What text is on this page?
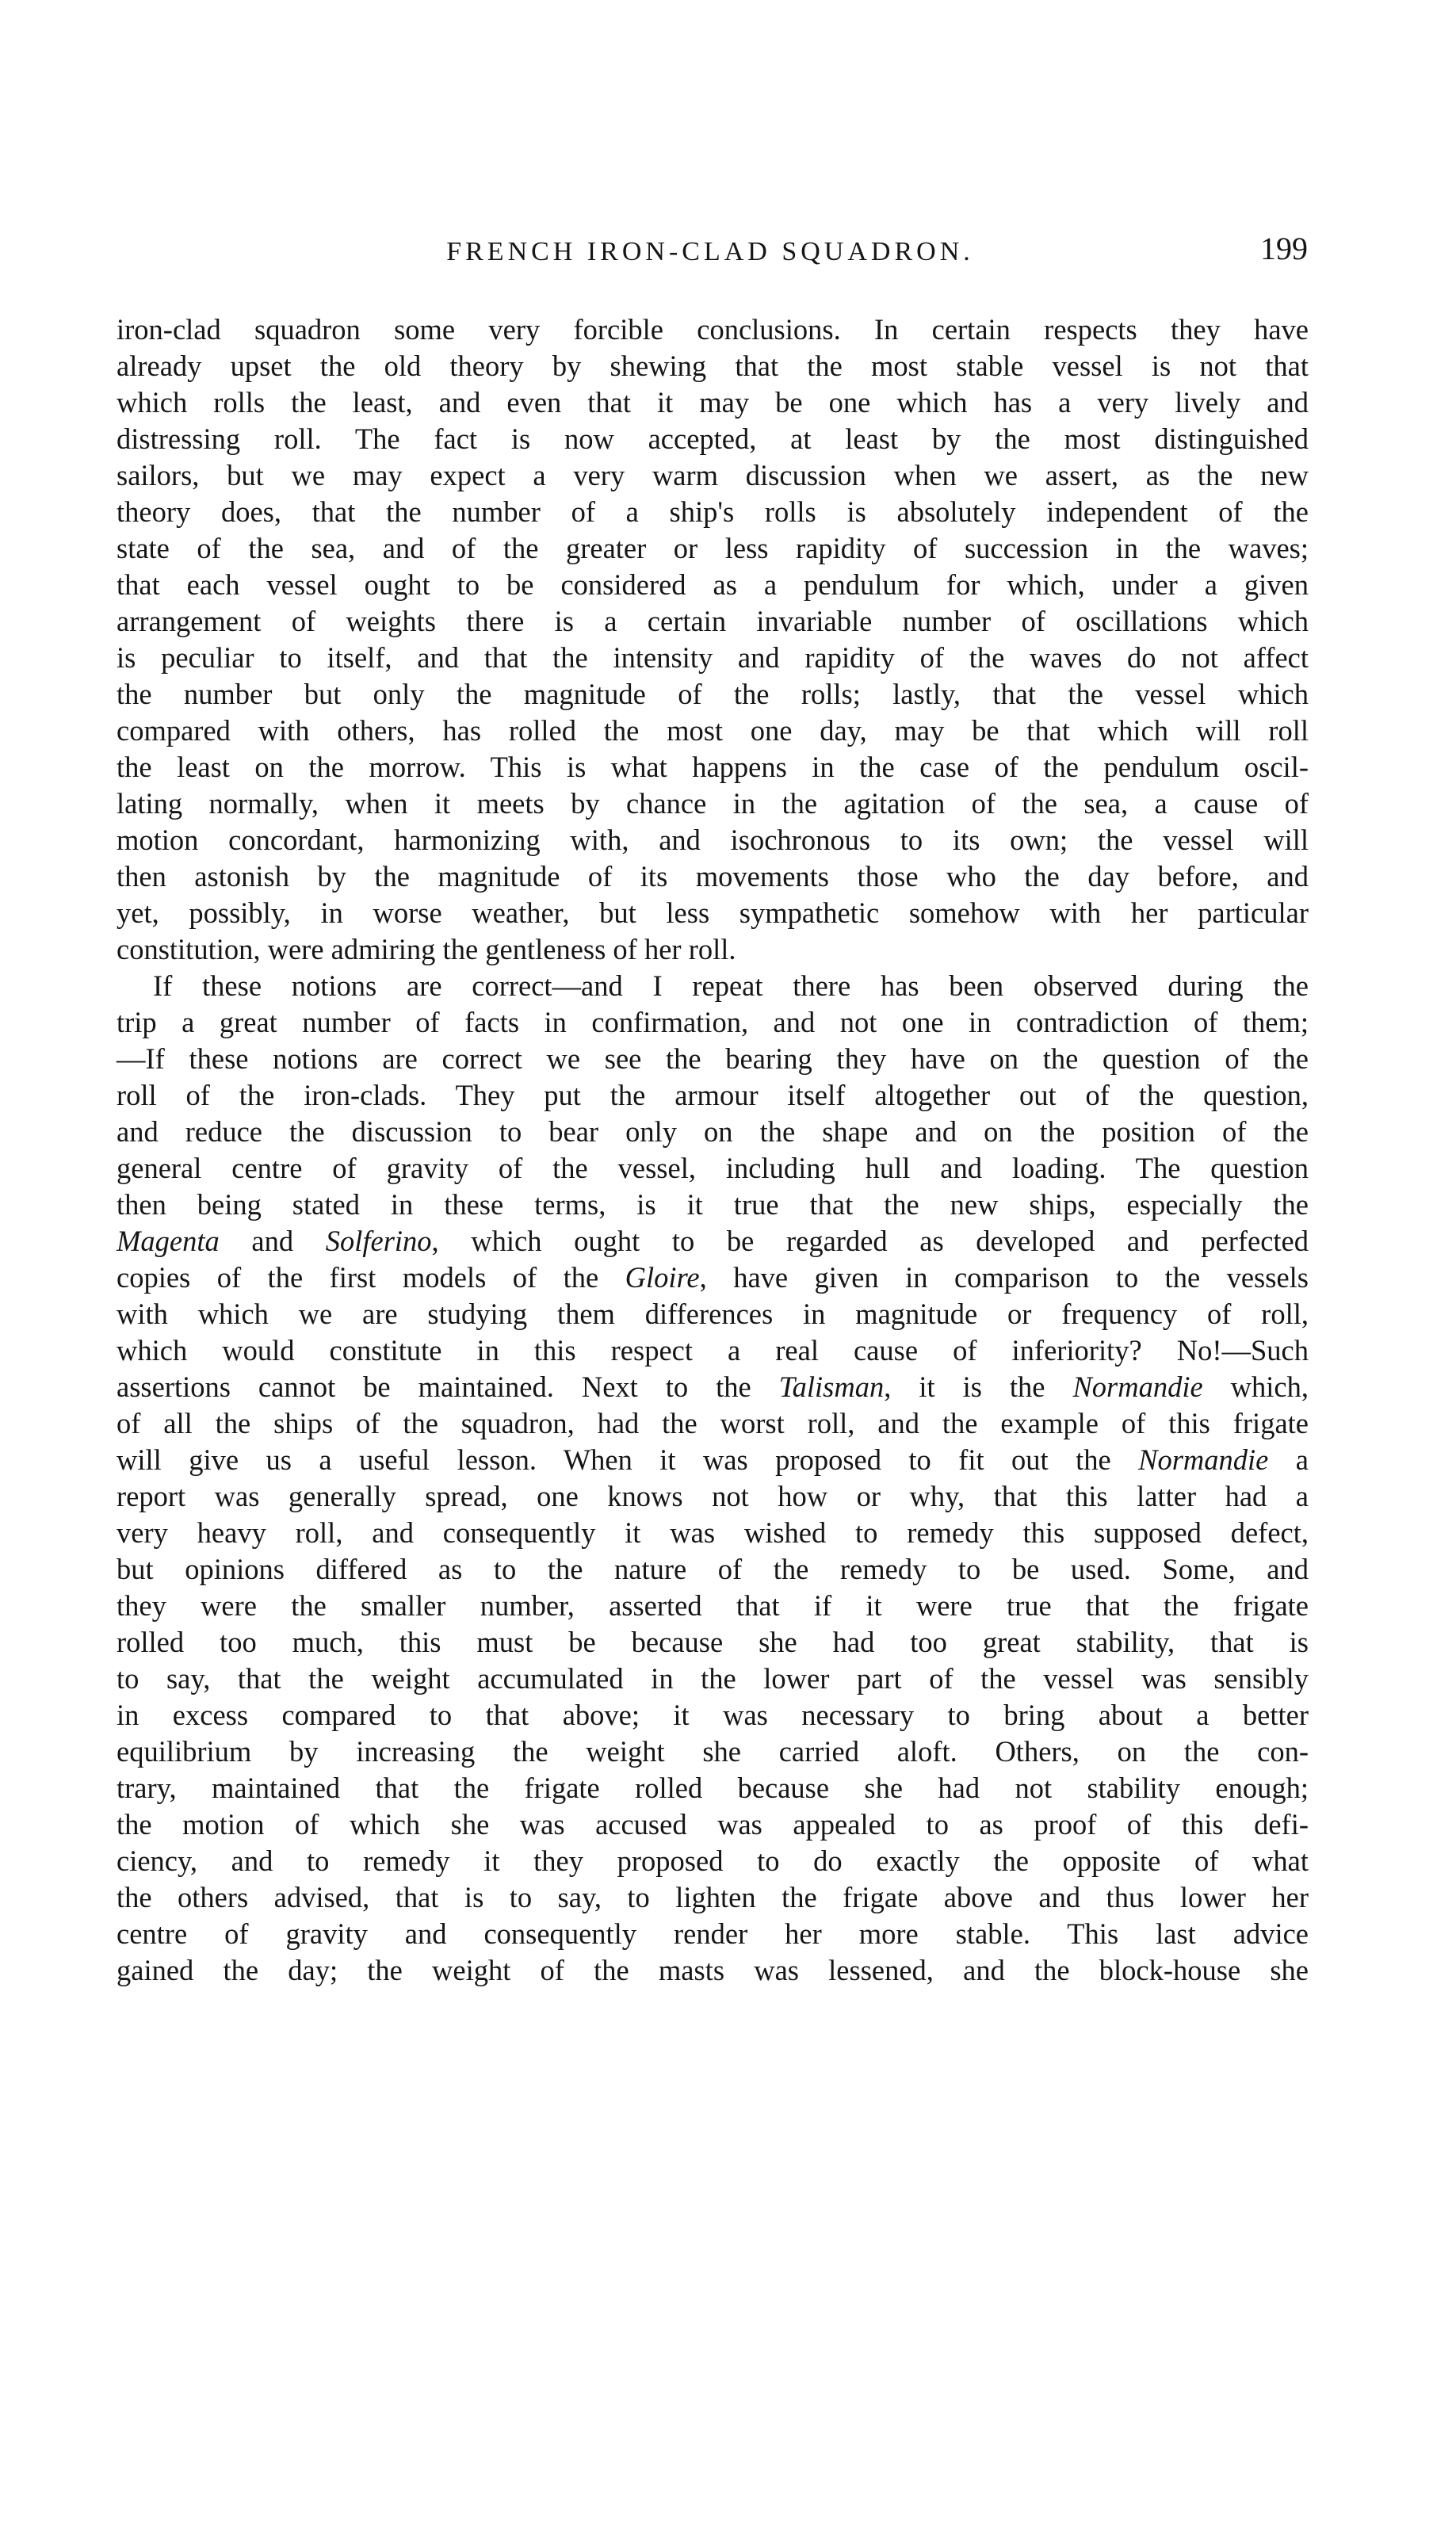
FRENCH IRON-CLAD SQUADRON.	199
iron-clad squadron some very forcible conclusions. In certain respects they have
already upset the old theory by shewing that the most stable vessel is not that
which rolls the least, and even that it may be one which has a very lively and
distressing roll. The fact is now accepted, at least by the most distinguished
sailors, but we may expect a very warm discussion when we assert, as the new
theory does, that the number of a ship's rolls is absolutely independent of the
state of the sea, and of the greater or less rapidity of succession in the waves;
that each vessel ought to be considered as a pendulum for which, under a given
arrangement of weights there is a certain invariable number of oscillations which
is peculiar to itself, and that the intensity and rapidity of the waves do not affect
the number but only the magnitude of the rolls; lastly, that the vessel which
compared with others, has rolled the most one day, may be that which will roll
the least on the morrow. This is what happens in the case of the pendulum oscil-
lating normally, when it meets by chance in the agitation of the sea, a cause of
motion concordant, harmonizing with, and isochronous to its own; the vessel will
then astonish by the magnitude of its movements those who the day before, and
yet, possibly, in worse weather, but less sympathetic somehow with her particular
constitution, were admiring the gentleness of her roll.
If these notions are correct—and I repeat there has been observed during the
trip a great number of facts in confirmation, and not one in contradiction of them;
—If these notions are correct we see the bearing they have on the question of the
roll of the iron-clads. They put the armour itself altogether out of the question,
and reduce the discussion to bear only on the shape and on the position of the
general centre of gravity of the vessel, including hull and loading. The question
then being stated in these terms, is it true that the new ships, especially the
Magenta and Solferino, which ought to be regarded as developed and perfected
copies of the first models of the Gloire, have given in comparison to the vessels
with which we are studying them differences in magnitude or frequency of roll,
which would constitute in this respect a real cause of inferiority? No!—Such
assertions cannot be maintained. Next to the Talisman, it is the Normandie which,
of all the ships of the squadron, had the worst roll, and the example of this frigate
will give us a useful lesson. When it was proposed to fit out the Normandie a
report was generally spread, one knows not how or why, that this latter had a
very heavy roll, and consequently it was wished to remedy this supposed defect,
but opinions differed as to the nature of the remedy to be used. Some, and
they were the smaller number, asserted that if it were true that the frigate
rolled too much, this must be because she had too great stability, that is
to say, that the weight accumulated in the lower part of the vessel was sensibly
in excess compared to that above; it was necessary to bring about a better
equilibrium by increasing the weight she carried aloft. Others, on the con-
trary, maintained that the frigate rolled because she had not stability enough;
the motion of which she was accused was appealed to as proof of this defi-
ciency, and to remedy it they proposed to do exactly the opposite of what
the others advised, that is to say, to lighten the frigate above and thus lower her
centre of gravity and consequently render her more stable. This last advice
gained the day; the weight of the masts was lessened, and the block-house she
